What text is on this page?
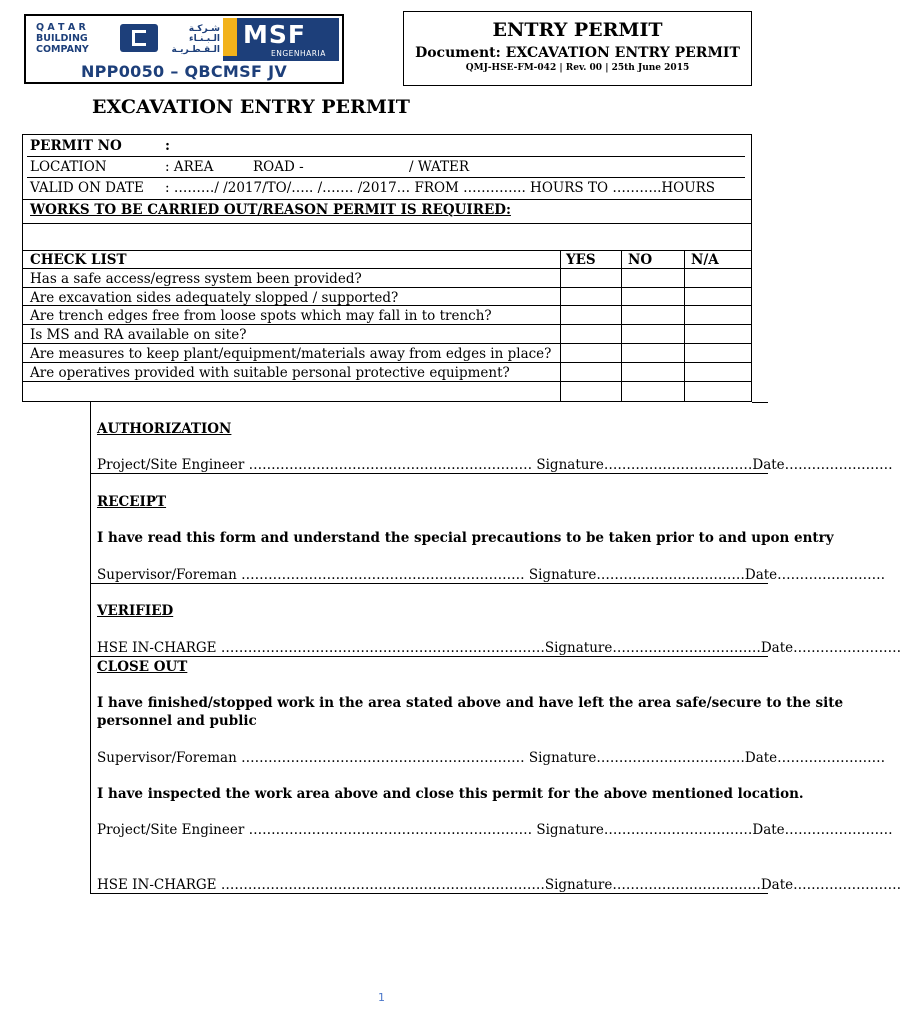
Q A T A R
BUILDING
COMPANY
شـركـة
الـبـنـاء
الـقـطـريـة
MSF
ENGENHARIA
NPP0050 – QBCMSF JV
ENTRY PERMIT
Document: EXCAVATION ENTRY PERMIT
QMJ-HSE-FM-042 | Rev. 00 | 25th June 2015
EXCAVATION ENTRY PERMIT
PERMIT NO	:
LOCATION	: AREA	ROAD -	/ WATER
VALID ON DATE : ………/ /2017/TO/….. /……. /2017… FROM ………….. HOURS TO ………..HOURS
WORKS TO BE CARRIED OUT/REASON PERMIT IS REQUIRED:
CHECK LIST	YES NO	N/A
Has a safe access/egress system been provided?
Are excavation sides adequately slopped / supported?
Are trench edges free from loose spots which may fall in to trench?
Is MS and RA available on site?
Are measures to keep plant/equipment/materials away from edges in place?
Are operatives provided with suitable personal protective equipment?
AUTHORIZATION
Project/Site Engineer ……………………………………………………… Signature……………………………Date……………………
RECEIPT
I have read this form and understand the special precautions to be taken prior to and upon entry
Supervisor/Foreman ……………………………………………………… Signature……………………………Date……………………
VERIFIED
HSE IN-CHARGE ………………………………………………………………Signature……………………………Date……………………
CLOSE OUT
I have finished/stopped work in the area stated above and have left the area safe/secure to the site
personnel and public
Supervisor/Foreman ……………………………………………………… Signature……………………………Date……………………
I have inspected the work area above and close this permit for the above mentioned location.
Project/Site Engineer ……………………………………………………… Signature……………………………Date……………………
HSE IN-CHARGE ………………………………………………………………Signature……………………………Date……………………
1
